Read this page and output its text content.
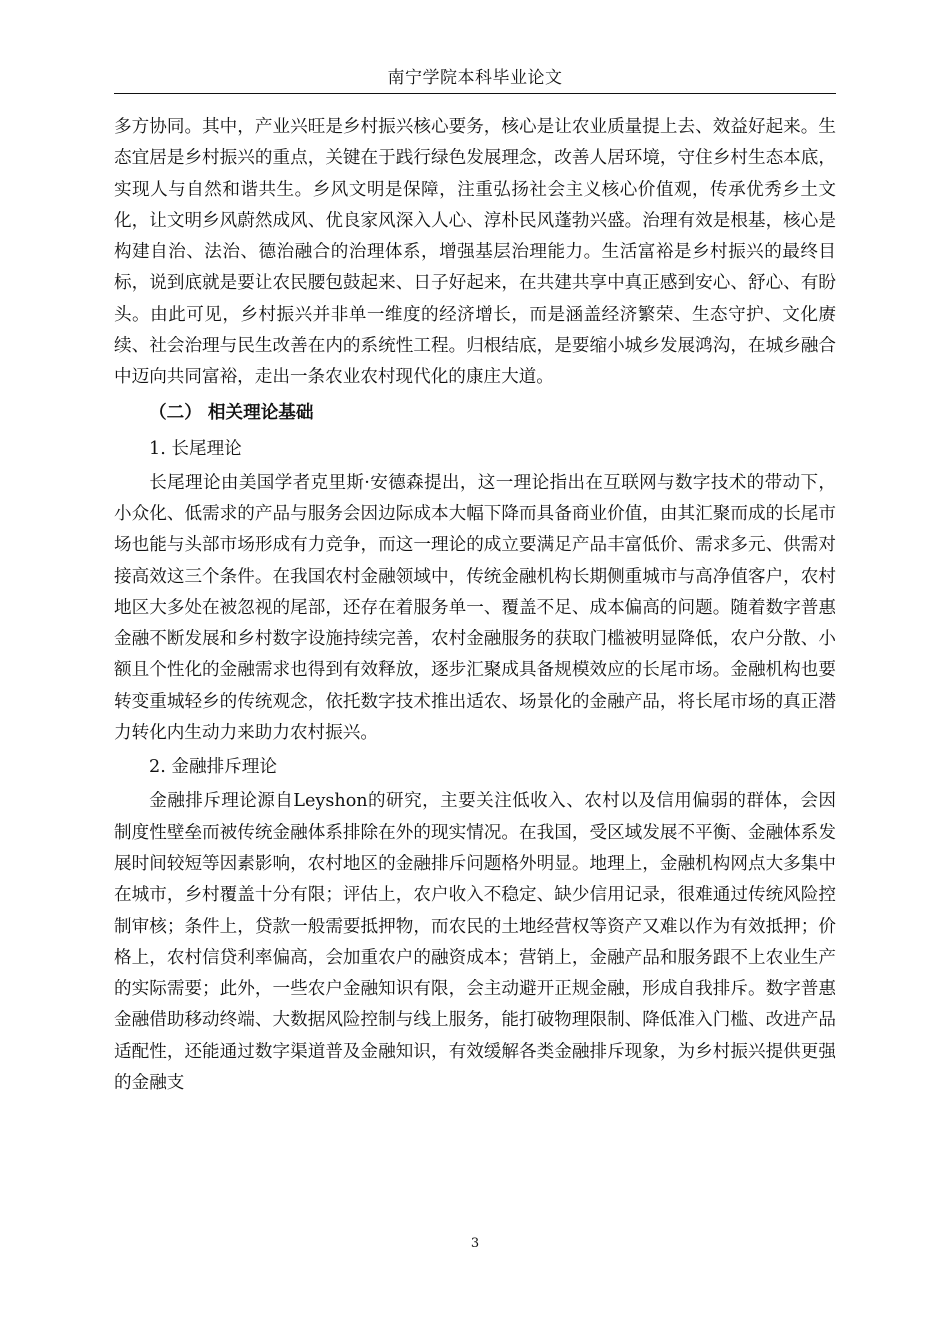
南宁学院本科毕业论文

多方协同。其中，产业兴旺是乡村振兴核心要务，核心是让农业质量提上去、效益好起来。生态宜居是乡村振兴的重点，关键在于践行绿色发展理念，改善人居环境，守住乡村生态本底，实现人与自然和谐共生。乡风文明是保障，注重弘扬社会主义核心价值观，传承优秀乡土文化，让文明乡风蔚然成风、优良家风深入人心、淳朴民风蓬勃兴盛。治理有效是根基，核心是构建自治、法治、德治融合的治理体系，增强基层治理能力。生活富裕是乡村振兴的最终目标，说到底就是要让农民腰包鼓起来、日子好起来，在共建共享中真正感到安心、舒心、有盼头。由此可见，乡村振兴并非单一维度的经济增长，而是涵盖经济繁荣、生态守护、文化赓续、社会治理与民生改善在内的系统性工程。归根结底，是要缩小城乡发展鸿沟，在城乡融合中迈向共同富裕，走出一条农业农村现代化的康庄大道。

（二） 相关理论基础

1. 长尾理论

长尾理论由美国学者克里斯·安德森提出，这一理论指出在互联网与数字技术的带动下，小众化、低需求的产品与服务会因边际成本大幅下降而具备商业价值，由其汇聚而成的长尾市场也能与头部市场形成有力竞争，而这一理论的成立要满足产品丰富低价、需求多元、供需对接高效这三个条件。在我国农村金融领域中，传统金融机构长期侧重城市与高净值客户，农村地区大多处在被忽视的尾部，还存在着服务单一、覆盖不足、成本偏高的问题。随着数字普惠金融不断发展和乡村数字设施持续完善，农村金融服务的获取门槛被明显降低，农户分散、小额且个性化的金融需求也得到有效释放，逐步汇聚成具备规模效应的长尾市场。金融机构也要转变重城轻乡的传统观念，依托数字技术推出适农、场景化的金融产品，将长尾市场的真正潜力转化内生动力来助力农村振兴。

2. 金融排斥理论

金融排斥理论源自Leyshon的研究，主要关注低收入、农村以及信用偏弱的群体，会因制度性壁垒而被传统金融体系排除在外的现实情况。在我国，受区域发展不平衡、金融体系发展时间较短等因素影响，农村地区的金融排斥问题格外明显。地理上，金融机构网点大多集中在城市，乡村覆盖十分有限；评估上，农户收入不稳定、缺少信用记录，很难通过传统风险控制审核；条件上，贷款一般需要抵押物，而农民的土地经营权等资产又难以作为有效抵押；价格上，农村信贷利率偏高，会加重农户的融资成本；营销上，金融产品和服务跟不上农业生产的实际需要；此外，一些农户金融知识有限，会主动避开正规金融，形成自我排斥。数字普惠金融借助移动终端、大数据风险控制与线上服务，能打破物理限制、降低准入门槛、改进产品适配性，还能通过数字渠道普及金融知识，有效缓解各类金融排斥现象，为乡村振兴提供更强的金融支

3
